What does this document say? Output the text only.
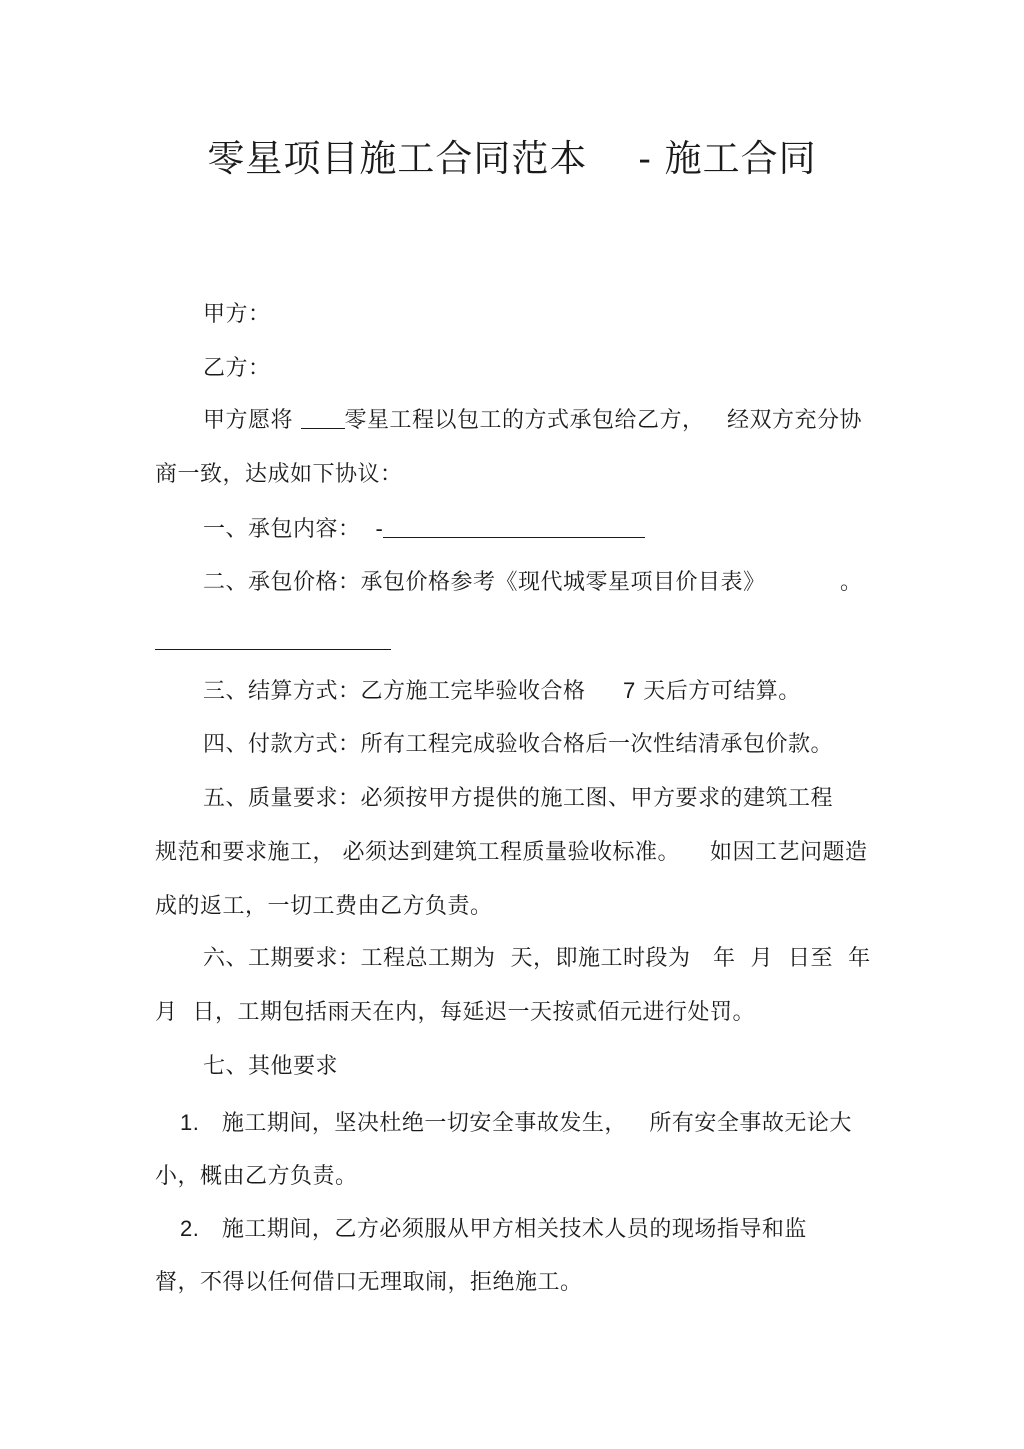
零星项目施工合同范本 - 施工合同
甲方：
乙方：
甲方愿将 零星工程以包工的方式承包给乙方， 经双方充分协
商一致，达成如下协议：
一、承包内容： -
二、承包价格：承包价格参考《现代城零星项目价目表》	。
三、结算方式：乙方施工完毕验收合格 7 天后方可结算。
四、付款方式：所有工程完成验收合格后一次性结清承包价款。
五、质量要求：必须按甲方提供的施工图、甲方要求的建筑工程
规范和要求施工， 必须达到建筑工程质量验收标准。 如因工艺问题造
成的返工，一切工费由乙方负责。
六、工期要求：工程总工期为 天，即施工时段为 年 月 日至 年
月 日，工期包括雨天在内，每延迟一天按贰佰元进行处罚。
七、其他要求
1. 施工期间，坚决杜绝一切安全事故发生， 所有安全事故无论大
小，概由乙方负责。
2. 施工期间，乙方必须服从甲方相关技术人员的现场指导和监
督，不得以任何借口无理取闹，拒绝施工。
